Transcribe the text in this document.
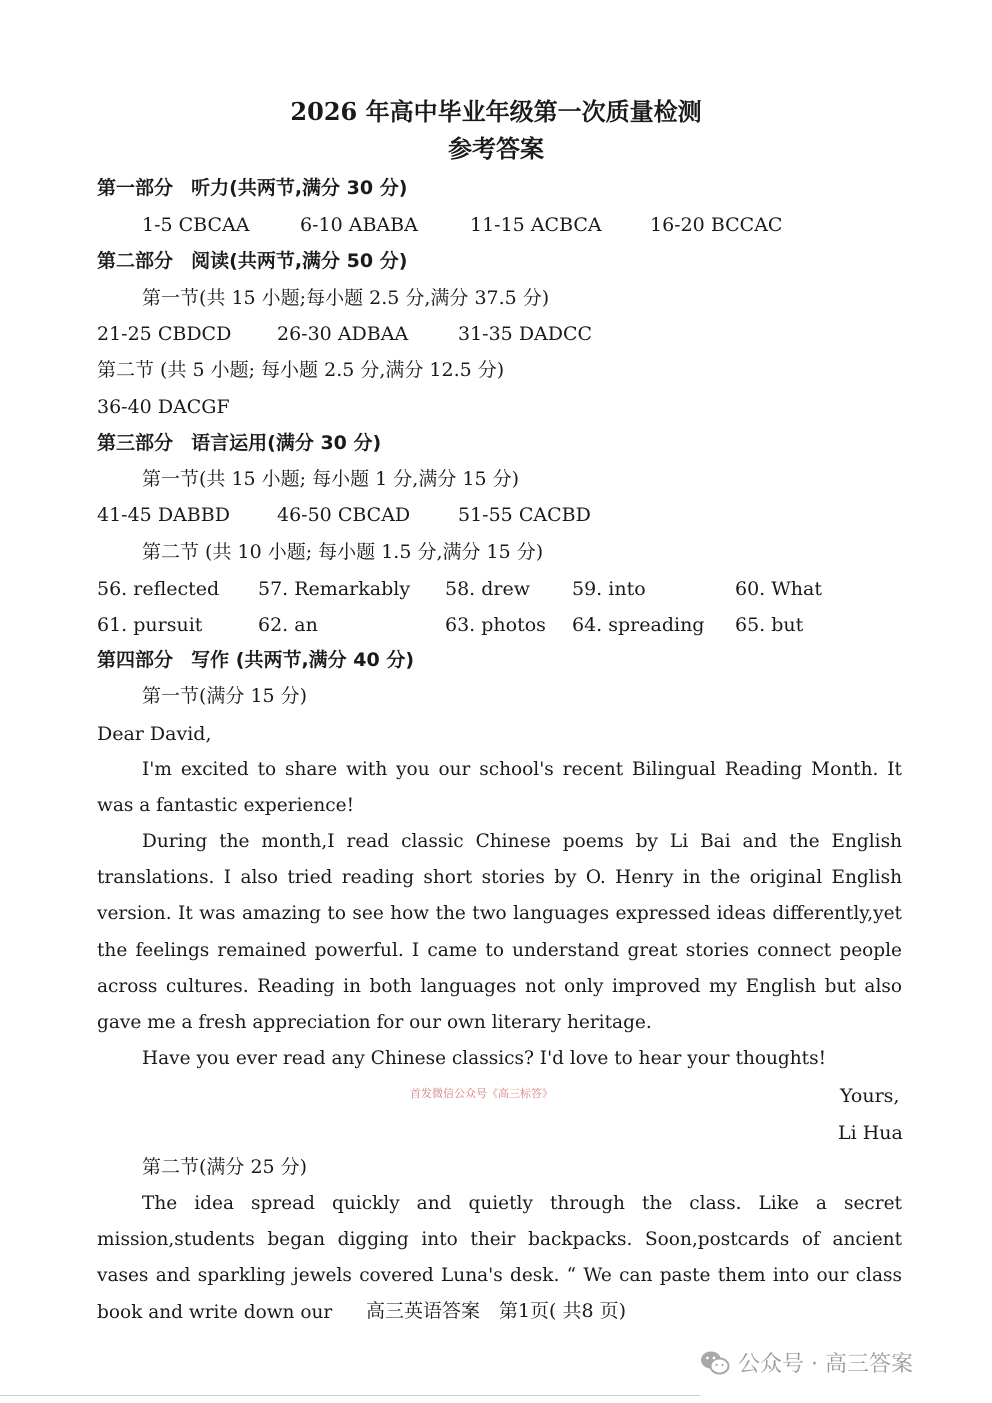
2026 年高中毕业年级第一次质量检测
参考答案
第一部分 听力(共两节,满分 30 分)
1-5 CBCAA	6-10 ABABA	11-15 ACBCA	16-20 BCCAC
第二部分 阅读(共两节,满分 50 分)
第一节(共 15 小题;每小题 2.5 分,满分 37.5 分)
21-25 CBDCD 26-30 ADBAA	31-35 DADCC
第二节 (共 5 小题; 每小题 2.5 分,满分 12.5 分)
36-40 DACGF
第三部分 语言运用(满分 30 分)
第一节(共 15 小题; 每小题 1 分,满分 15 分)
41-45 DABBD 46-50 CBCAD	51-55 CACBD
第二节 (共 10 小题; 每小题 1.5 分,满分 15 分)
56. reflected 57. Remarkably 58. drew 59. into	60. What
61. pursuit	62. an	63. photos 64. spreading 65. but
第四部分 写作 (共两节,满分 40 分)
第一节(满分 15 分)
Dear David,
I'm excited to share with you our school's recent Bilingual Reading Month. It was a fantastic experience!
During the month,I read classic Chinese poems by Li Bai and the English translations. I also tried reading short stories by O. Henry in the original English version. It was amazing to see how the two languages expressed ideas differently,yet the feelings remained powerful. I came to understand great stories connect people across cultures. Reading in both languages not only improved my English but also gave me a fresh appreciation for our own literary heritage.
Have you ever read any Chinese classics? I'd love to hear your thoughts!
首发微信公众号《高三标答》	Yours,
Li Hua
第二节(满分 25 分)
The idea spread quickly and quietly through the class. Like a secret mission,students began digging into their backpacks. Soon,postcards of ancient vases and sparkling jewels covered Luna's desk. “ We can paste them into our class book and write down our	高三英语答案　第1页( 共8 页)
公众号 · 高三答案
